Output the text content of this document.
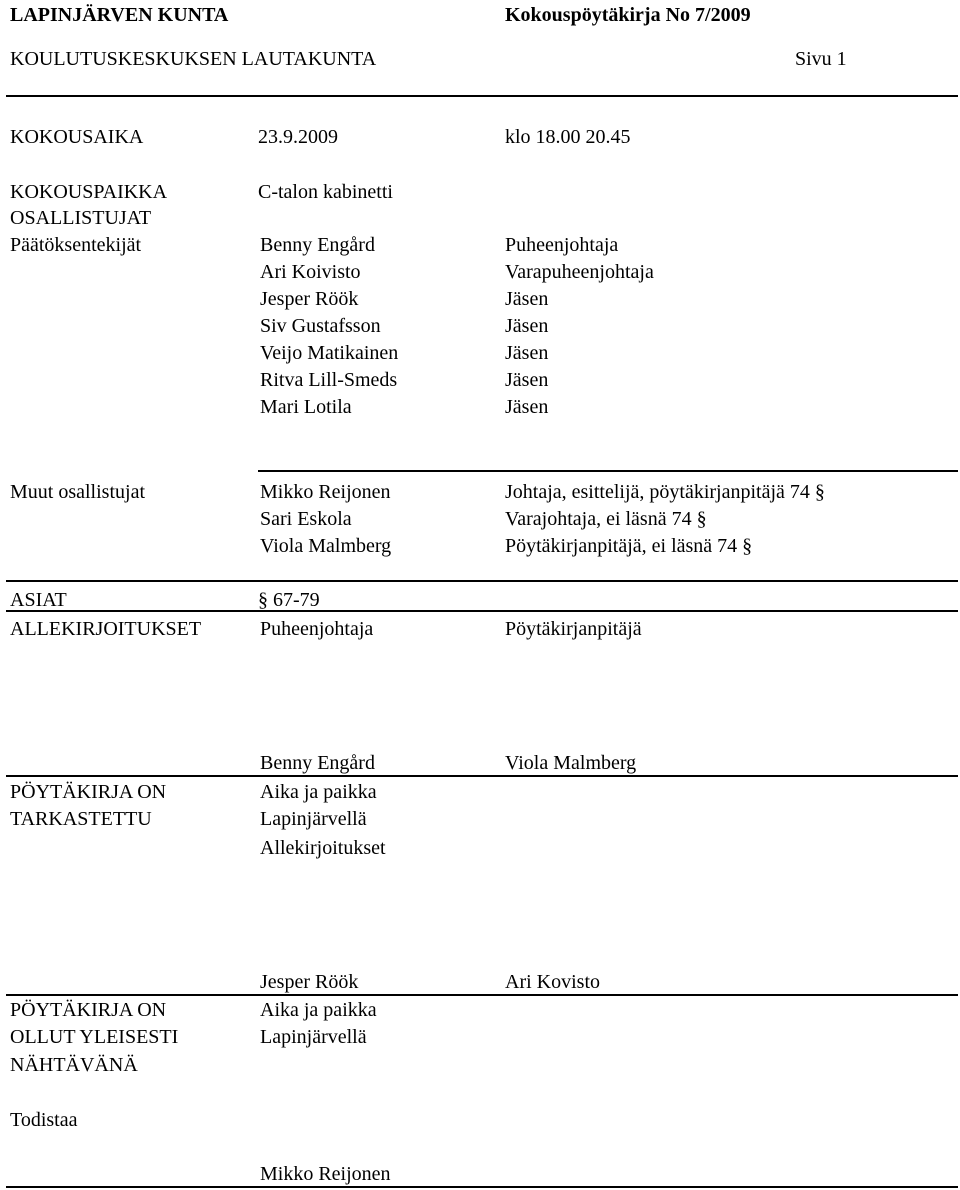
LAPINJÄRVEN KUNTA	Kokouspöytäkirja No 7/2009
KOULUTUSKESKUKSEN LAUTAKUNTA	Sivu 1
KOKOUSAIKA	23.9.2009	klo 18.00 20.45
KOKOUSPAIKKA	C-talon kabinetti
OSALLISTUJAT
Päätöksentekijät	Benny Engård	Puheenjohtaja
Ari Koivisto	Varapuheenjohtaja
Jesper Röök	Jäsen
Siv Gustafsson	Jäsen
Veijo Matikainen	Jäsen
Ritva Lill-Smeds	Jäsen
Mari Lotila	Jäsen
Muut osallistujat	Mikko Reijonen	Johtaja, esittelijä, pöytäkirjanpitäjä 74 §
Sari Eskola	Varajohtaja, ei läsnä 74 §
Viola Malmberg	Pöytäkirjanpitäjä, ei läsnä 74 §
ASIAT	§ 67-79
ALLEKIRJOITUKSET	Puheenjohtaja	Pöytäkirjanpitäjä
Benny Engård	Viola Malmberg
PÖYTÄKIRJA ON
TARKASTETTU
Aika ja paikka
Lapinjärvellä
Allekirjoitukset
Jesper Röök	Ari Kovisto
PÖYTÄKIRJA ON
OLLUT YLEISESTI
NÄHTÄVÄNÄ
Aika ja paikka
Lapinjärvellä
Todistaa
Mikko Reijonen
